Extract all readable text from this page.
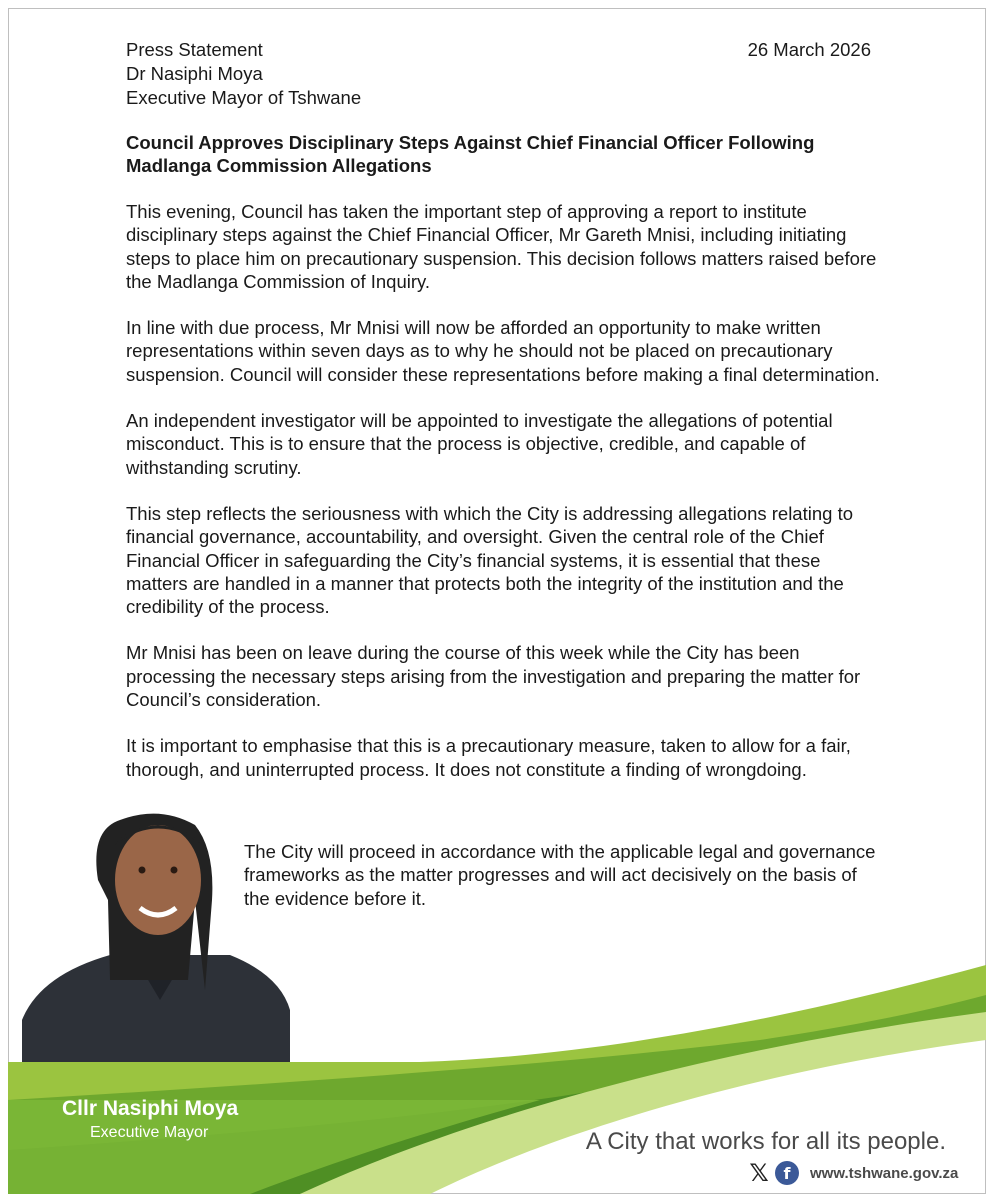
Press Statement
Dr Nasiphi Moya
Executive Mayor of Tshwane
26 March 2026
Council Approves Disciplinary Steps Against Chief Financial Officer Following Madlanga Commission Allegations

This evening, Council has taken the important step of approving a report to institute disciplinary steps against the Chief Financial Officer, Mr Gareth Mnisi, including initiating steps to place him on precautionary suspension. This decision follows matters raised before the Madlanga Commission of Inquiry.

In line with due process, Mr Mnisi will now be afforded an opportunity to make written representations within seven days as to why he should not be placed on precautionary suspension. Council will consider these representations before making a final determination.

An independent investigator will be appointed to investigate the allegations of potential misconduct. This is to ensure that the process is objective, credible, and capable of withstanding scrutiny.

This step reflects the seriousness with which the City is addressing allegations relating to financial governance, accountability, and oversight. Given the central role of the Chief Financial Officer in safeguarding the City’s financial systems, it is essential that these matters are handled in a manner that protects both the integrity of the institution and the credibility of the process.

Mr Mnisi has been on leave during the course of this week while the City has been processing the necessary steps arising from the investigation and preparing the matter for Council’s consideration.

It is important to emphasise that this is a precautionary measure, taken to allow for a fair, thorough, and uninterrupted process. It does not constitute a finding of wrongdoing.

The City will proceed in accordance with the applicable legal and governance frameworks as the matter progresses and will act decisively on the basis of the evidence before it.

Cllr Nasiphi Moya
Executive Mayor	A City that works for all its people.
𝕏 f	www.tshwane.gov.za
